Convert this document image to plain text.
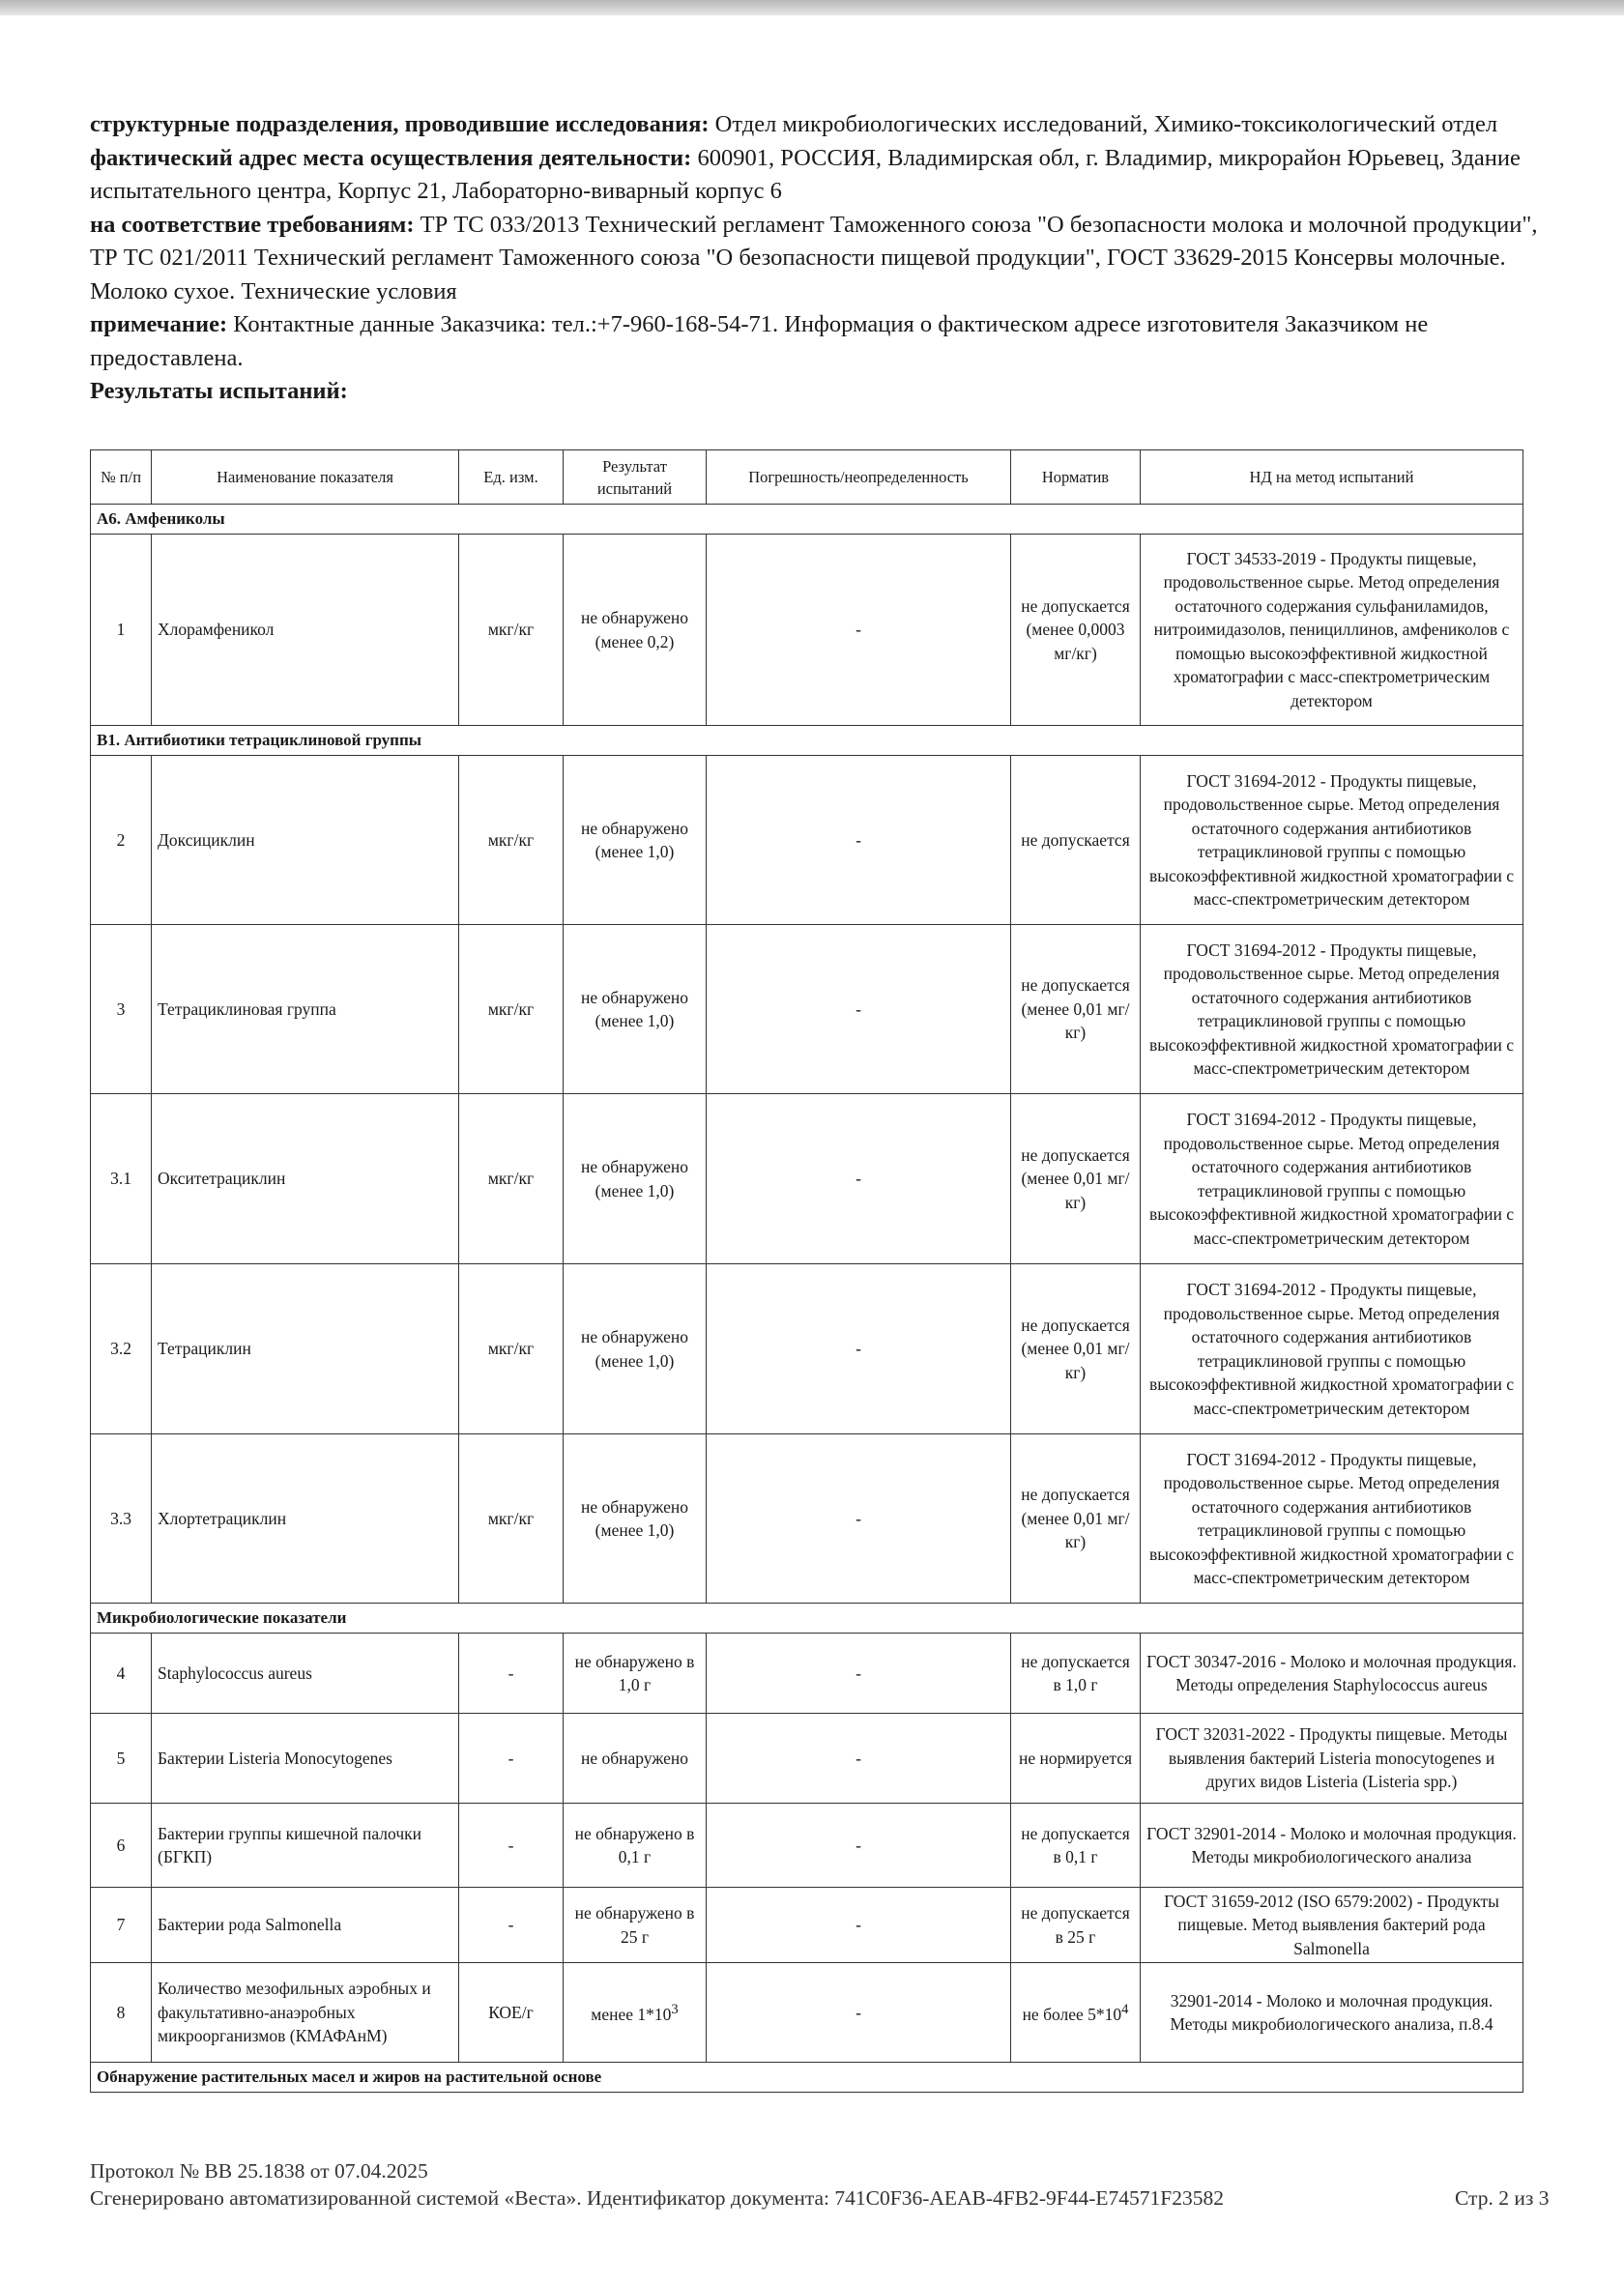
структурные подразделения, проводившие исследования: Отдел микробиологических исследований, Химико-токсикологический отдел
фактический адрес места осуществления деятельности: 600901, РОССИЯ, Владимирская обл, г. Владимир, микрорайон Юрьевец, Здание испытательного центра, Корпус 21, Лабораторно-виварный корпус 6
на соответствие требованиям: ТР ТС 033/2013 Технический регламент Таможенного союза "О безопасности молока и молочной продукции", ТР ТС 021/2011 Технический регламент Таможенного союза "О безопасности пищевой продукции", ГОСТ 33629-2015 Консервы молочные. Молоко сухое. Технические условия
примечание: Контактные данные Заказчика: тел.:+7-960-168-54-71. Информация о фактическом адресе изготовителя Заказчиком не предоставлена.
Результаты испытаний:
№ п/п	Наименование показателя	Ед. изм.	Результат испытаний	Погрешность/неопределенность	Норматив	НД на метод испытаний
А6. Амфениколы						
1	Хлорамфеникол	мкг/кг	не обнаружено (менее 0,2)	-	не допускается (менее 0,0003 мг/кг)	ГОСТ 34533-2019 - Продукты пищевые, продовольственное сырье. Метод определения остаточного содержания сульфаниламидов, нитроимидазолов, пенициллинов, амфениколов с помощью высокоэффективной жидкостной хроматографии с масс-спектрометрическим детектором
В1. Антибиотики тетрациклиновой группы						
2	Доксициклин	мкг/кг	не обнаружено (менее 1,0)	-	не допускается	ГОСТ 31694-2012 - Продукты пищевые, продовольственное сырье. Метод определения остаточного содержания антибиотиков тетрациклиновой группы с помощью высокоэффективной жидкостной хроматографии с масс-спектрометрическим детектором
3	Тетрациклиновая группа	мкг/кг	не обнаружено (менее 1,0)	-	не допускается (менее 0,01 мг/кг)	ГОСТ 31694-2012 - Продукты пищевые, продовольственное сырье. Метод определения остаточного содержания антибиотиков тетрациклиновой группы с помощью высокоэффективной жидкостной хроматографии с масс-спектрометрическим детектором
3.1	Окситетрациклин	мкг/кг	не обнаружено (менее 1,0)	-	не допускается (менее 0,01 мг/кг)	ГОСТ 31694-2012 - Продукты пищевые, продовольственное сырье. Метод определения остаточного содержания антибиотиков тетрациклиновой группы с помощью высокоэффективной жидкостной хроматографии с масс-спектрометрическим детектором
3.2	Тетрациклин	мкг/кг	не обнаружено (менее 1,0)	-	не допускается (менее 0,01 мг/кг)	ГОСТ 31694-2012 - Продукты пищевые, продовольственное сырье. Метод определения остаточного содержания антибиотиков тетрациклиновой группы с помощью высокоэффективной жидкостной хроматографии с масс-спектрометрическим детектором
3.3	Хлортетрациклин	мкг/кг	не обнаружено (менее 1,0)	-	не допускается (менее 0,01 мг/кг)	ГОСТ 31694-2012 - Продукты пищевые, продовольственное сырье. Метод определения остаточного содержания антибиотиков тетрациклиновой группы с помощью высокоэффективной жидкостной хроматографии с масс-спектрометрическим детектором
Микробиологические показатели						
4	Staphylococcus aureus	-	не обнаружено в 1,0 г	-	не допускается в 1,0 г	ГОСТ 30347-2016 - Молоко и молочная продукция. Методы определения Staphylococcus aureus
5	Бактерии Listeria Monocytogenes	-	не обнаружено	-	не нормируется	ГОСТ 32031-2022 - Продукты пищевые. Методы выявления бактерий Listeria monocytogenes и других видов Listeria (Listeria spp.)
6	Бактерии группы кишечной палочки (БГКП)	-	не обнаружено в 0,1 г	-	не допускается в 0,1 г	ГОСТ 32901-2014 - Молоко и молочная продукция. Методы микробиологического анализа
7	Бактерии рода Salmonella	-	не обнаружено в 25 г	-	не допускается в 25 г	ГОСТ 31659-2012 (ISO 6579:2002) - Продукты пищевые. Метод выявления бактерий рода Salmonella
8	Количество мезофильных аэробных и факультативно-анаэробных микроорганизмов (КМАФАнМ)	КОЕ/г	менее $1*10^3$	-	не более $5*10^4$	32901-2014 - Молоко и молочная продукция. Методы микробиологического анализа, п.8.4
Обнаружение растительных масел и жиров на растительной основе						
Протокол № ВВ 25.1838 от 07.04.2025
Сгенерировано автоматизированной системой «Веста». Идентификатор документа: 741C0F36-AEAB-4FB2-9F44-E74571F23582	Стр. 2 из 3
